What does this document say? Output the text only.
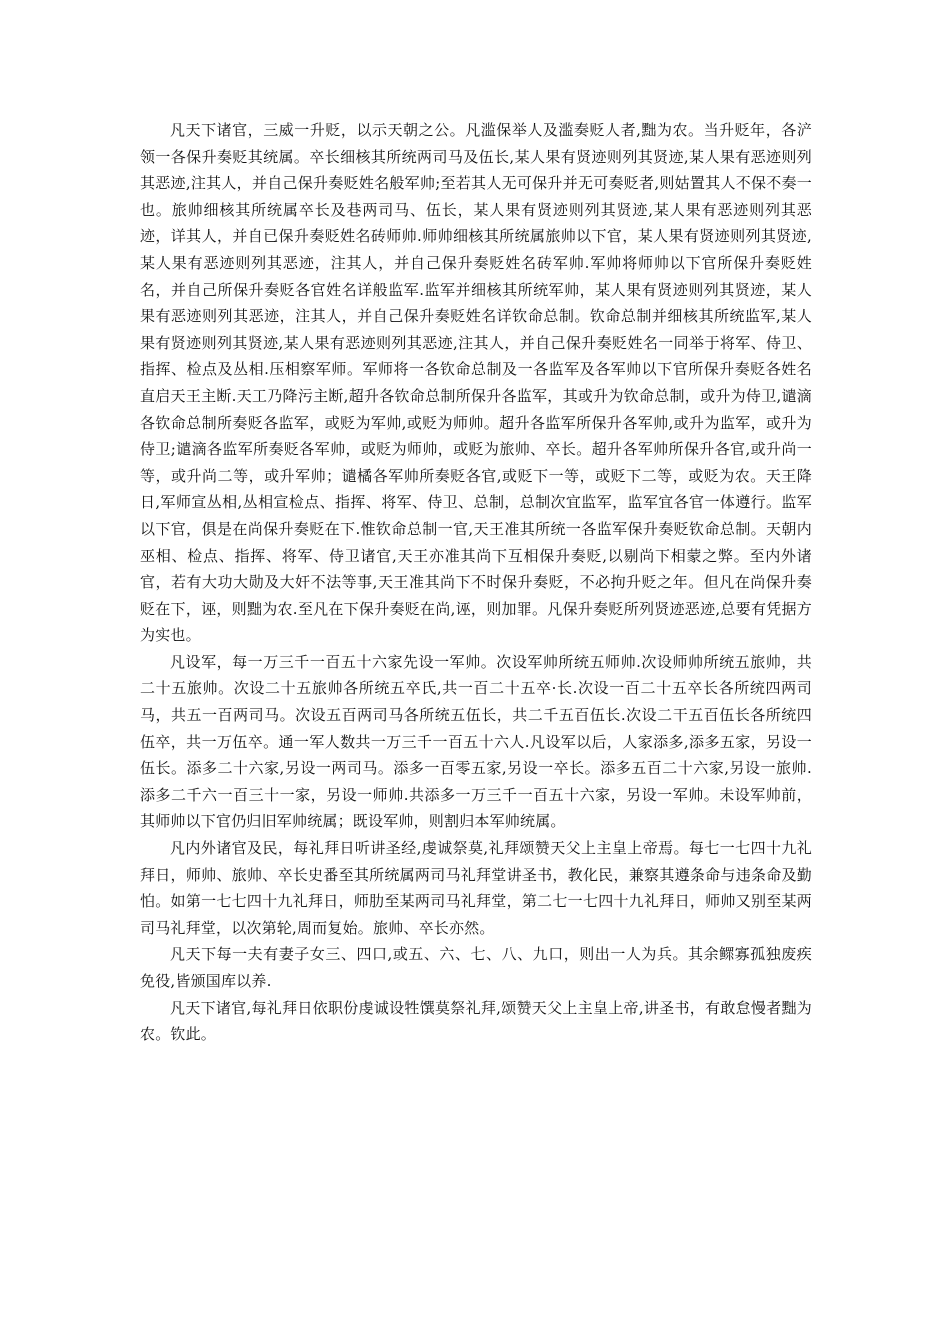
凡天下诸官，三威一升贬，以示天朝之公。凡滥保举人及滥奏贬人者,黜为农。当升贬年，各浐领一各保升奏贬其统属。卒长细核其所统两司马及伍长,某人果有贤迹则列其贤迹,某人果有恶迹则列其恶迹,注其人，并自己保升奏贬姓名般军帅;至若其人无可保升并无可奏贬者,则姑置其人不保不奏一也。旅帅细核其所统属卒长及巷两司马、伍长，某人果有贤迹则列其贤迹,某人果有恶迹则列其恶迹，详其人，并自已保升奏贬姓名砖师帅.师帅细核其所统属旅帅以下官，某人果有贤迹则列其贤迹,某人果有恶迹则列其恶迹，注其人，并自己保升奏贬姓名砖军帅.军帅将师帅以下官所保升奏贬姓名，并自己所保升奏贬各官姓名详般监军.监军并细核其所统军帅，某人果有贤迹则列其贤迹，某人果有恶迹则列其恶迹，注其人，并自己保升奏贬姓名详钦命总制。钦命总制并细核其所统监军,某人果有贤迹则列其贤迹,某人果有恶迹则列其恶迹,注其人，并自己保升奏贬姓名一同举于将军、侍卫、指挥、检点及丛相.压相察军师。军师将一各钦命总制及一各监军及各军帅以下官所保升奏贬各姓名直启天王主断.天工乃降污主断,超升各钦命总制所保升各监军，其或升为钦命总制，或升为侍卫,谴滴各钦命总制所奏贬各监军，或贬为军帅,或贬为师帅。超升各监军所保升各军帅,或升为监军，或升为侍卫;谴滴各监军所奏贬各军帅，或贬为师帅，或贬为旅帅、卒长。超升各军帅所保升各官,或升尚一等，或升尚二等，或升军帅；谴橘各军帅所奏贬各官,或贬下一等，或贬下二等，或贬为农。天王降日,军师宣丛相,丛相宣检点、指挥、将军、侍卫、总制，总制次宜监军，监军宜各官一体遵行。监军以下官，俱是在尚保升奏贬在下.惟钦命总制一官,天王准其所统一各监军保升奏贬钦命总制。天朝内巫相、检点、指挥、将军、侍卫诸官,天王亦准其尚下互相保升奏贬,以剔尚下相蒙之弊。至内外诸官，若有大功大勋及大奸不法等事,天王准其尚下不时保升奏贬，不必拘升贬之年。但凡在尚保升奏贬在下，诬，则黜为农.至凡在下保升奏贬在尚,诬，则加罪。凡保升奏贬所列贤迹恶迹,总要有凭据方为实也。

凡设军，每一万三千一百五十六家先设一军帅。次设军帅所统五师帅.次设师帅所统五旅帅，共二十五旅帅。次设二十五旅帅各所统五卒氏,共一百二十五卒·长.次设一百二十五卒长各所统四两司马，共五一百两司马。次设五百两司马各所统五伍长，共二千五百伍长.次设二干五百伍长各所统四伍卒，共一万伍卒。通一军人数共一万三千一百五十六人.凡设军以后，人家添多,添多五家，另设一伍长。添多二十六家,另设一两司马。添多一百零五家,另设一卒长。添多五百二十六家,另设一旅帅.添多二千六一百三十一家，另设一师帅.共添多一万三千一百五十六家，另设一军帅。未设军帅前，其师帅以下官仍归旧军帅统属；既设军帅，则割归本军帅统属。

凡内外诸官及民，每礼拜日听讲圣经,虔诚祭莫,礼拜颂赞天父上主皇上帝焉。每七一七四十九礼拜日，师帅、旅帅、卒长史番至其所统属两司马礼拜堂讲圣书，教化民，兼察其遵条命与违条命及勤怕。如第一七七四十九礼拜日，师肋至某两司马礼拜堂，第二七一七四十九礼拜日，师帅又别至某两司马礼拜堂，以次第轮,周而复始。旅帅、卒长亦然。

凡天下每一夫有妻子女三、四口,或五、六、七、八、九口，则出一人为兵。其余鳏寡孤独废疾免役,皆颁国库以养.

凡天下诸官,每礼拜日依职份虔诚设牲馔莫祭礼拜,颂赞天父上主皇上帝,讲圣书，有敢怠慢者黜为农。钦此。
